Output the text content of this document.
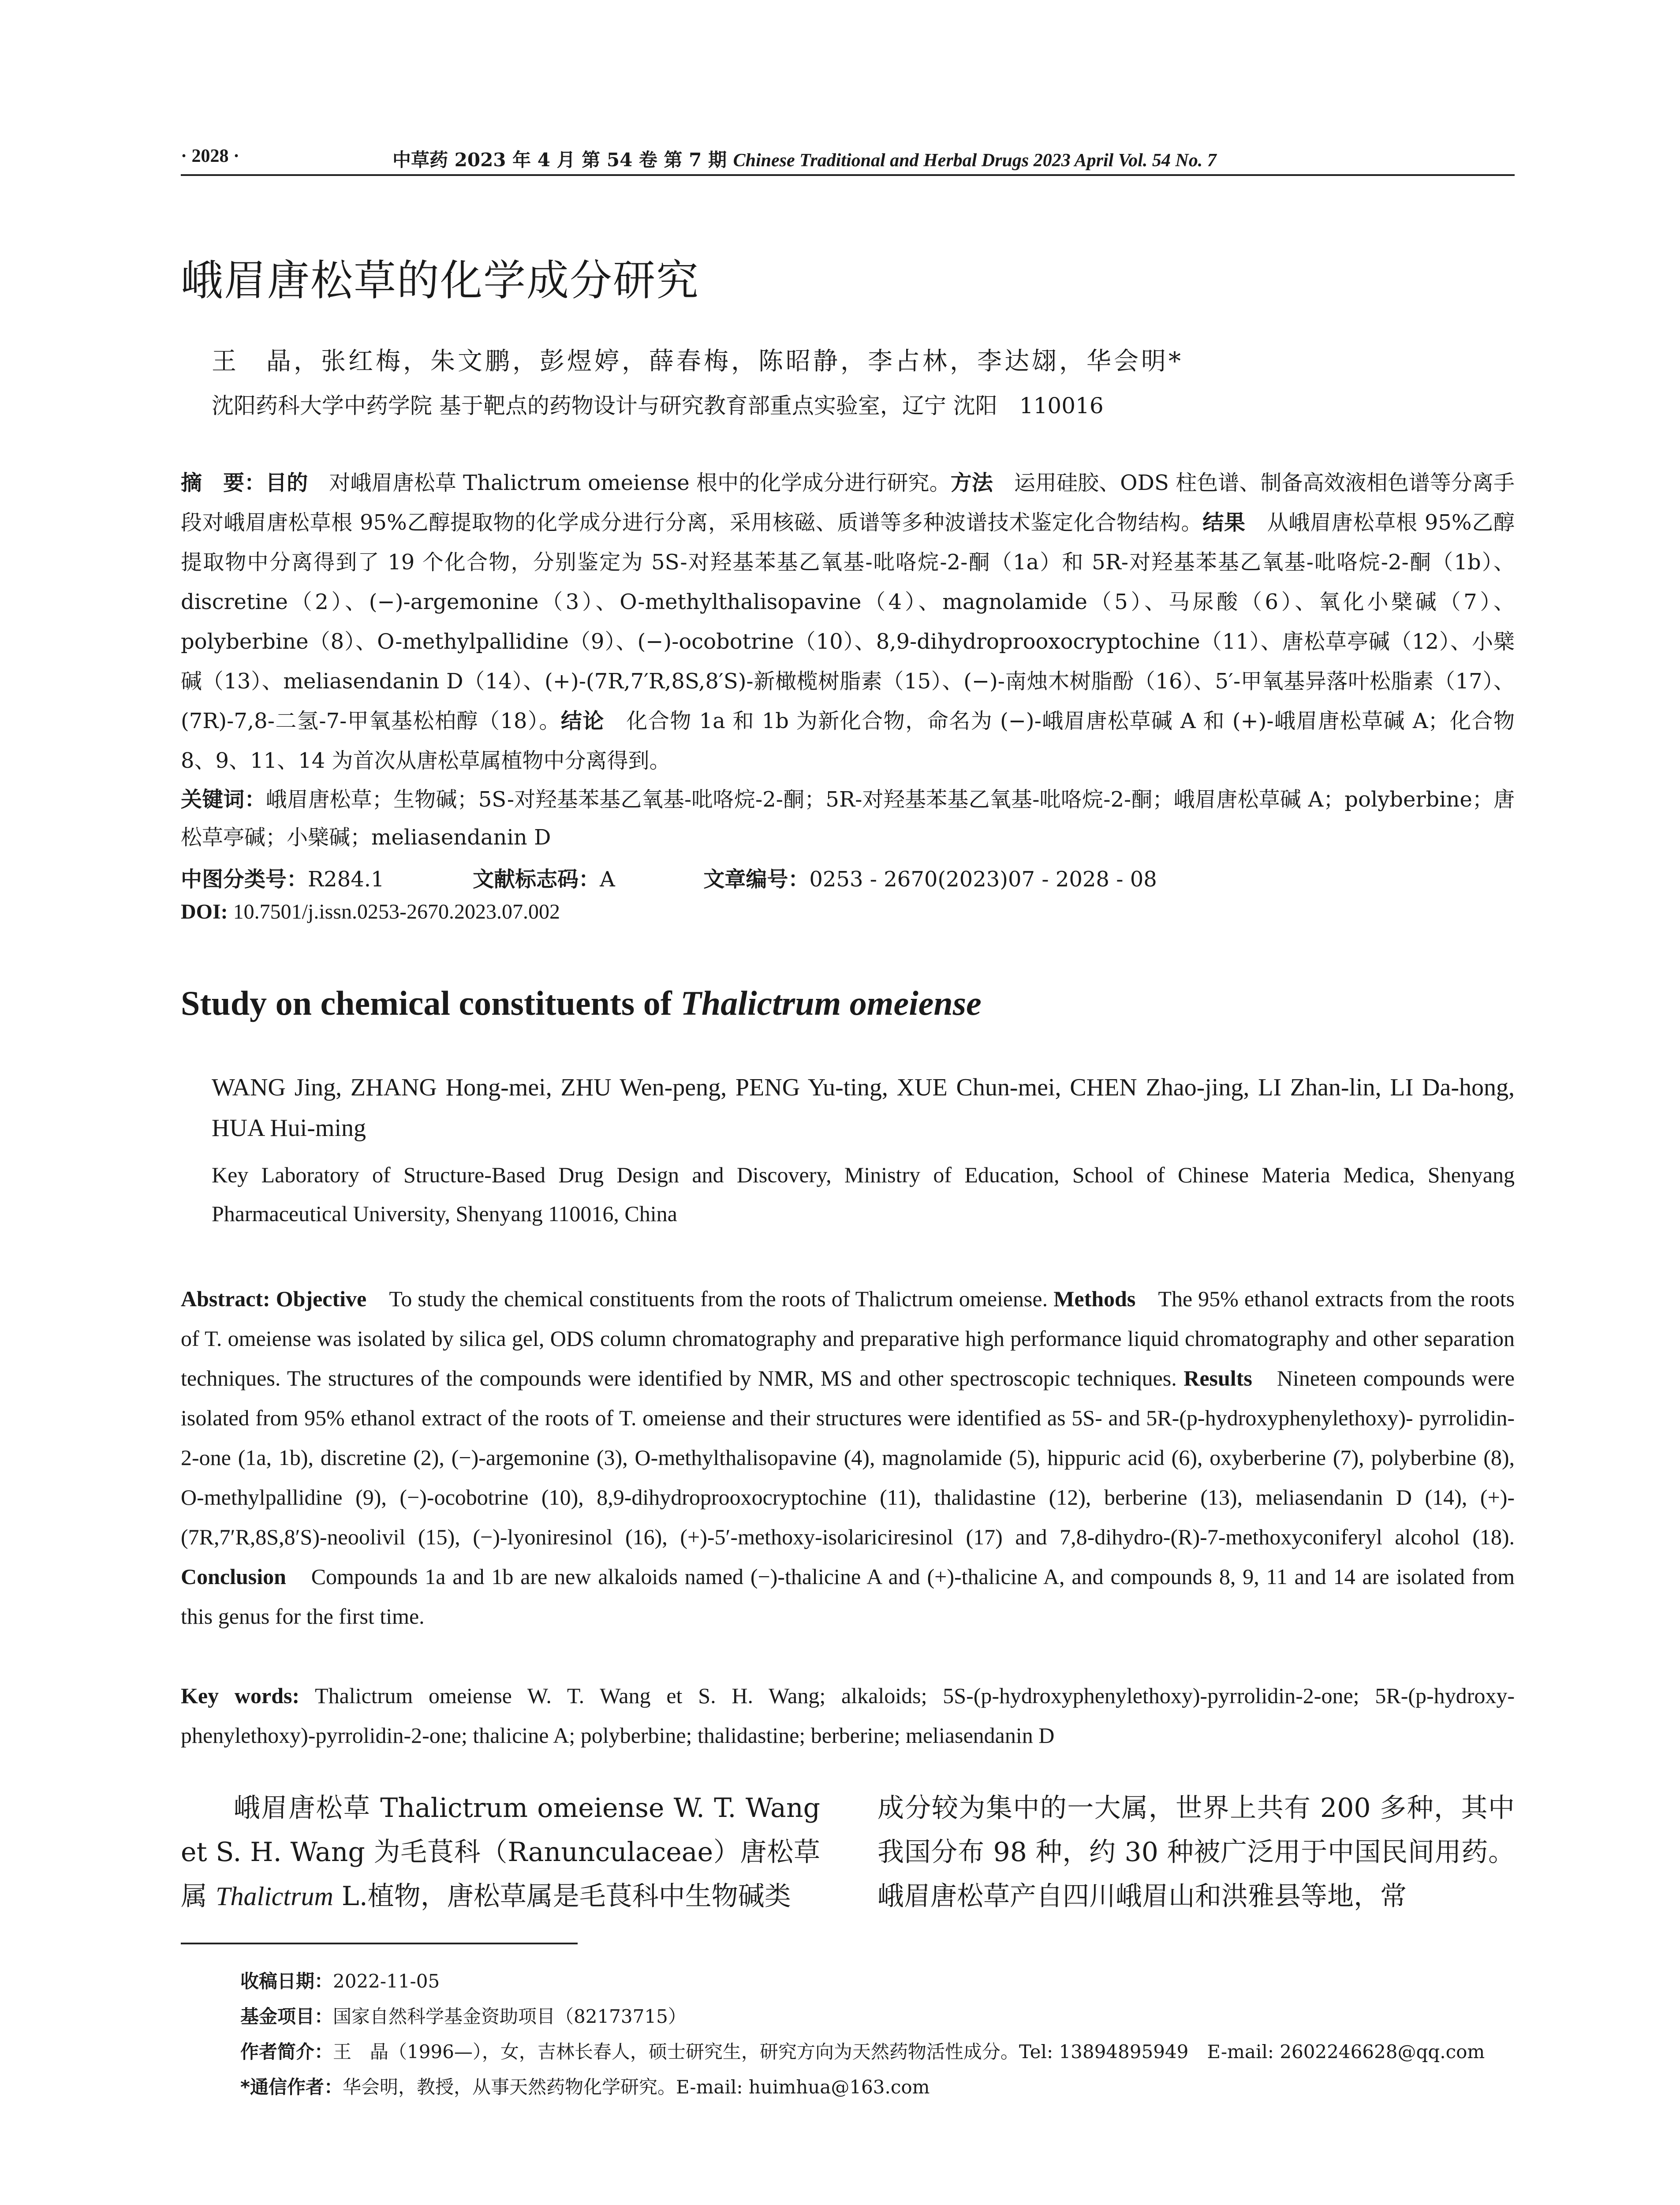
· 2028 ·	中草药 2023 年 4 月 第 54 卷 第 7 期 Chinese Traditional and Herbal Drugs 2023 April Vol. 54 No. 7
峨眉唐松草的化学成分研究
王　晶，张红梅，朱文鹏，彭煜婷，薛春梅，陈昭静，李占林，李达翃，华会明*
沈阳药科大学中药学院 基于靶点的药物设计与研究教育部重点实验室，辽宁 沈阳　110016
摘　要：目的　对峨眉唐松草 Thalictrum omeiense 根中的化学成分进行研究。方法　运用硅胶、ODS 柱色谱、制备高效液相色谱等分离手段对峨眉唐松草根 95%乙醇提取物的化学成分进行分离，采用核磁、质谱等多种波谱技术鉴定化合物结构。结果　从峨眉唐松草根 95%乙醇提取物中分离得到了 19 个化合物，分别鉴定为 5S-对羟基苯基乙氧基-吡咯烷-2-酮（1a）和 5R-对羟基苯基乙氧基-吡咯烷-2-酮（1b）、discretine（2）、(−)-argemonine（3）、O-methylthalisopavine（4）、magnolamide（5）、马尿酸（6）、氧化小檗碱（7）、polyberbine（8）、O-methylpallidine（9）、(−)-ocobotrine（10）、8,9-dihydroprooxocryptochine（11）、唐松草亭碱（12）、小檗碱（13）、meliasendanin D（14）、(+)-(7R,7′R,8S,8′S)-新橄榄树脂素（15）、(−)-南烛木树脂酚（16）、5′-甲氧基异落叶松脂素（17）、(7R)-7,8-二氢-7-甲氧基松柏醇（18）。结论　化合物 1a 和 1b 为新化合物，命名为 (−)-峨眉唐松草碱 A 和 (+)-峨眉唐松草碱 A；化合物 8、9、11、14 为首次从唐松草属植物中分离得到。
关键词：峨眉唐松草；生物碱；5S-对羟基苯基乙氧基-吡咯烷-2-酮；5R-对羟基苯基乙氧基-吡咯烷-2-酮；峨眉唐松草碱 A；polyberbine；唐松草亭碱；小檗碱；meliasendanin D
中图分类号：R284.1	文献标志码：A	文章编号：0253 - 2670(2023)07 - 2028 - 08
DOI: 10.7501/j.issn.0253-2670.2023.07.002
Study on chemical constituents of Thalictrum omeiense
WANG Jing, ZHANG Hong-mei, ZHU Wen-peng, PENG Yu-ting, XUE Chun-mei, CHEN Zhao-jing, LI Zhan-lin, LI Da-hong, HUA Hui-ming
Key Laboratory of Structure-Based Drug Design and Discovery, Ministry of Education, School of Chinese Materia Medica, Shenyang Pharmaceutical University, Shenyang 110016, China
Abstract: Objective　To study the chemical constituents from the roots of Thalictrum omeiense. Methods　The 95% ethanol extracts from the roots of T. omeiense was isolated by silica gel, ODS column chromatography and preparative high performance liquid chromatography and other separation techniques. The structures of the compounds were identified by NMR, MS and other spectroscopic techniques. Results　Nineteen compounds were isolated from 95% ethanol extract of the roots of T. omeiense and their structures were identified as 5S- and 5R-(p-hydroxyphenylethoxy)- pyrrolidin-2-one (1a, 1b), discretine (2), (−)-argemonine (3), O-methylthalisopavine (4), magnolamide (5), hippuric acid (6), oxyberberine (7), polyberbine (8), O-methylpallidine (9), (−)-ocobotrine (10), 8,9-dihydroprooxocryptochine (11), thalidastine (12), berberine (13), meliasendanin D (14), (+)-(7R,7′R,8S,8′S)-neoolivil (15), (−)-lyoniresinol (16), (+)-5′-methoxy-isolariciresinol (17) and 7,8-dihydro-(R)-7-methoxyconiferyl alcohol (18). Conclusion　Compounds 1a and 1b are new alkaloids named (−)-thalicine A and (+)-thalicine A, and compounds 8, 9, 11 and 14 are isolated from this genus for the first time.
Key words: Thalictrum omeiense W. T. Wang et S. H. Wang; alkaloids; 5S-(p-hydroxyphenylethoxy)-pyrrolidin-2-one; 5R-(p-hydroxy-phenylethoxy)-pyrrolidin-2-one; thalicine A; polyberbine; thalidastine; berberine; meliasendanin D
峨眉唐松草 Thalictrum omeiense W. T. Wang et S. H. Wang 为毛茛科（Ranunculaceae）唐松草属 Thalictrum L.植物，唐松草属是毛茛科中生物碱类
成分较为集中的一大属，世界上共有 200 多种，其中我国分布 98 种，约 30 种被广泛用于中国民间用药。峨眉唐松草产自四川峨眉山和洪雅县等地，常
收稿日期：2022-11-05
基金项目：国家自然科学基金资助项目（82173715）
作者简介：王　晶（1996—），女，吉林长春人，硕士研究生，研究方向为天然药物活性成分。Tel: 13894895949　E-mail: 2602246628@qq.com
*通信作者：华会明，教授，从事天然药物化学研究。E-mail: huimhua@163.com
